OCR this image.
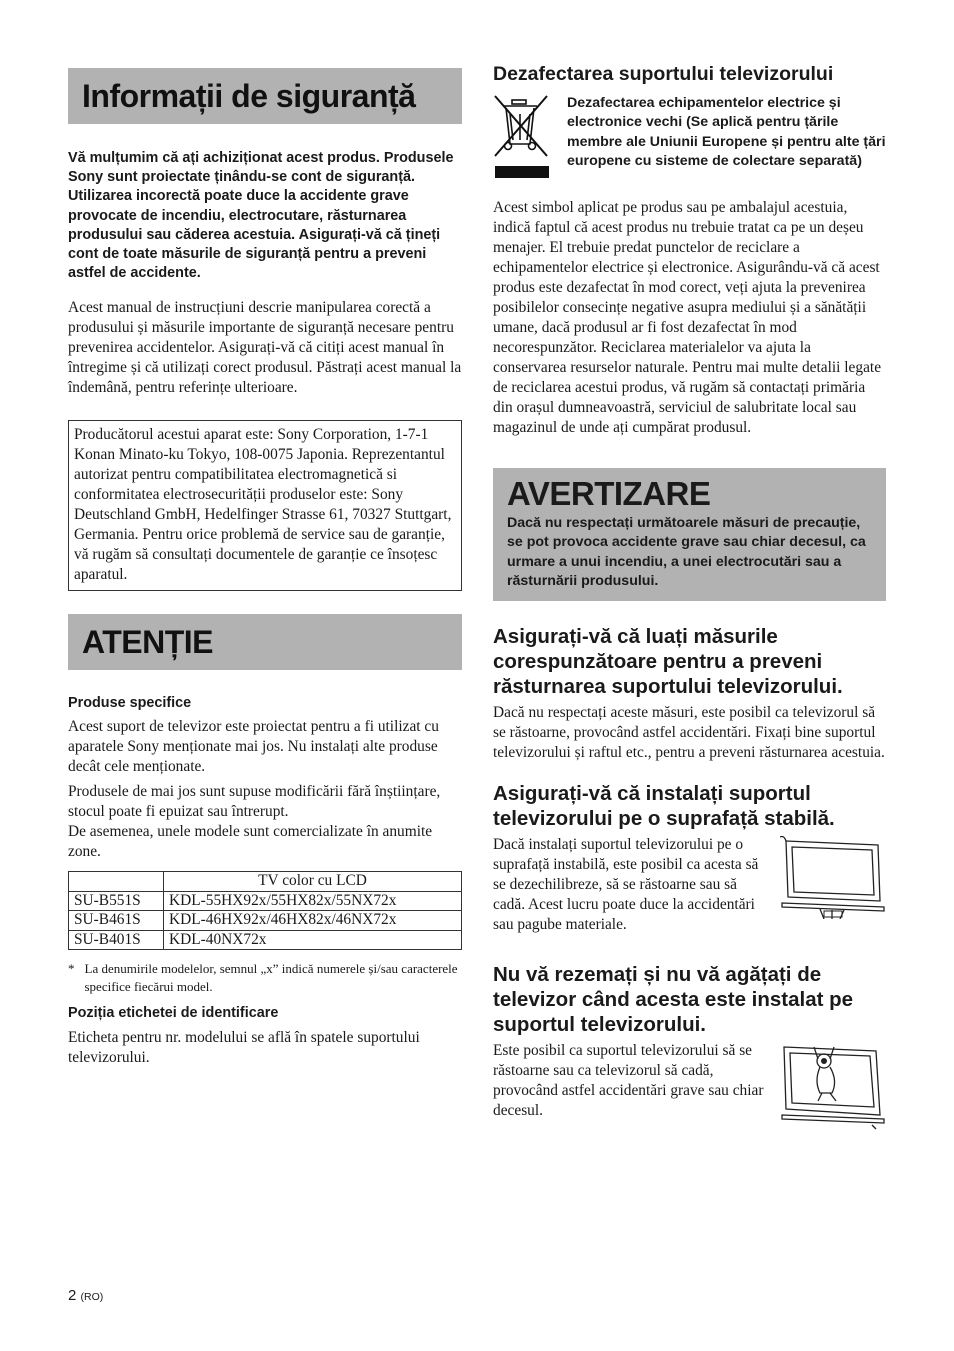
Informații de siguranță

Vă mulțumim că ați achiziționat acest produs. Produsele Sony sunt proiectate ținându-se cont de siguranță. Utilizarea incorectă poate duce la accidente grave provocate de incendiu, electrocutare, răsturnarea produsului sau căderea acestuia. Asigurați-vă că țineți cont de toate măsurile de siguranță pentru a preveni astfel de accidente.

Acest manual de instrucțiuni descrie manipularea corectă a produsului și măsurile importante de siguranță necesare pentru prevenirea accidentelor. Asigurați-vă că citiți acest manual în întregime și că utilizați corect produsul. Păstrați acest manual la îndemână, pentru referințe ulterioare.

Producătorul acestui aparat este: Sony Corporation, 1-7-1 Konan Minato-ku Tokyo, 108-0075 Japonia. Reprezentantul autorizat pentru compatibilitatea electromagnetică si conformitatea electrosecurității produselor este: Sony Deutschland GmbH, Hedelfinger Strasse 61, 70327 Stuttgart, Germania. Pentru orice problemă de service sau de garanție, vă rugăm să consultați documentele de garanție ce însoțesc aparatul.

ATENȚIE

Produse specifice

Acest suport de televizor este proiectat pentru a fi utilizat cu aparatele Sony menționate mai jos. Nu instalați alte produse decât cele menționate.

Produsele de mai jos sunt supuse modificării fără înștiințare, stocul poate fi epuizat sau întrerupt.

De asemenea, unele modele sunt comercializate în anumite zone.

	TV color cu LCD
SU-B551S	KDL-55HX92x/55HX82x/55NX72x
SU-B461S	KDL-46HX92x/46HX82x/46NX72x
SU-B401S	KDL-40NX72x
* La denumirile modelelor, semnul „x” indică numerele și/sau caracterele specifice fiecărui model.

Poziția etichetei de identificare

Eticheta pentru nr. modelului se află în spatele suportului televizorului.

Dezafectarea suportului televizorului

Dezafectarea echipamentelor electrice și electronice vechi (Se aplică pentru țările membre ale Uniunii Europene și pentru alte țări europene cu sisteme de colectare separată)

Acest simbol aplicat pe produs sau pe ambalajul acestuia, indică faptul că acest produs nu trebuie tratat ca pe un deșeu menajer. El trebuie predat punctelor de reciclare a echipamentelor electrice și electronice. Asigurându-vă că acest produs este dezafectat în mod corect, veți ajuta la prevenirea posibilelor consecințe negative asupra mediului și a sănătății umane, dacă produsul ar fi fost dezafectat în mod necorespunzător. Reciclarea materialelor va ajuta la conservarea resurselor naturale. Pentru mai multe detalii legate de reciclarea acestui produs, vă rugăm să contactați primăria din orașul dumneavoastră, serviciul de salubritate local sau magazinul de unde ați cumpărat produsul.

AVERTIZARE

Dacă nu respectați următoarele măsuri de precauție, se pot provoca accidente grave sau chiar decesul, ca urmare a unui incendiu, a unei electrocutări sau a răsturnării produsului.

Asigurați-vă că luați măsurile corespunzătoare pentru a preveni răsturnarea suportului televizorului.

Dacă nu respectați aceste măsuri, este posibil ca televizorul să se răstoarne, provocând astfel accidentări. Fixați bine suportul televizorului și raftul etc., pentru a preveni răsturnarea acestuia.

Asigurați-vă că instalați suportul televizorului pe o suprafață stabilă.

Dacă instalați suportul televizorului pe o suprafață instabilă, este posibil ca acesta să se dezechilibreze, să se răstoarne sau să cadă. Acest lucru poate duce la accidentări sau pagube materiale.

Nu vă rezemați și nu vă agățați de televizor când acesta este instalat pe suportul televizorului.

Este posibil ca suportul televizorului să se răstoarne sau ca televizorul să cadă, provocând astfel accidentări grave sau chiar decesul.

2 (RO)
